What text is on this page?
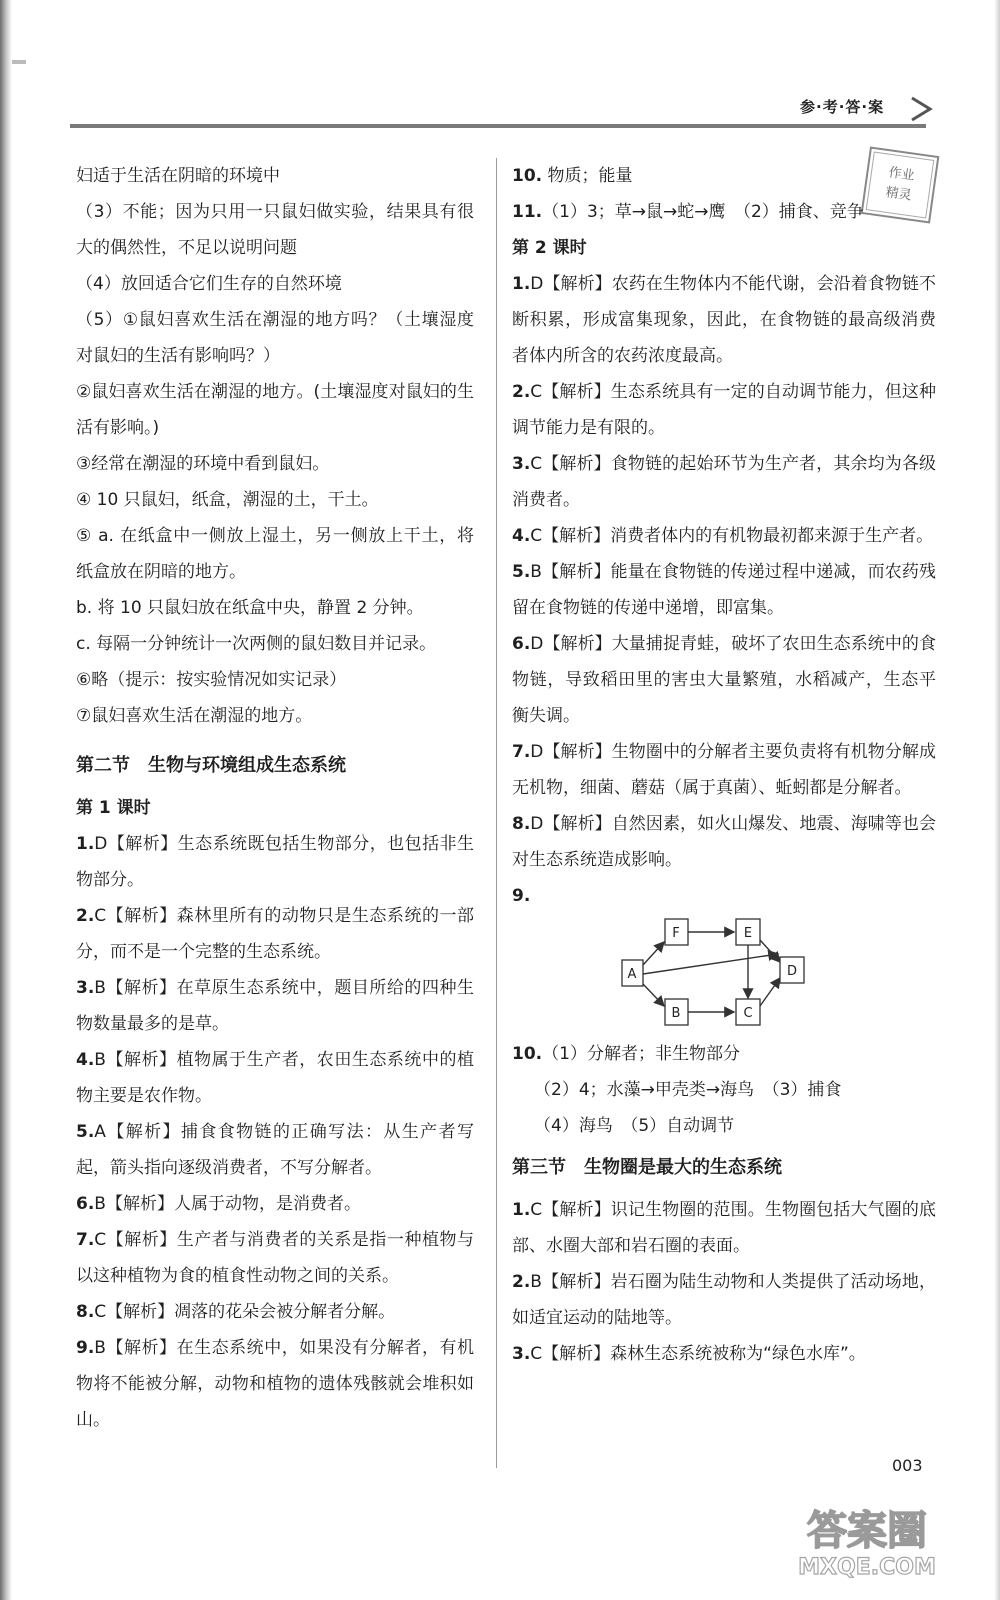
参·考·答·案
作业
精灵

妇适于生活在阴暗的环境中

（3）不能；因为只用一只鼠妇做实验，结果具有很大的偶然性，不足以说明问题

（4）放回适合它们生存的自然环境

（5）①鼠妇喜欢生活在潮湿的地方吗？（土壤湿度对鼠妇的生活有影响吗？）

②鼠妇喜欢生活在潮湿的地方。(土壤湿度对鼠妇的生活有影响。)

③经常在潮湿的环境中看到鼠妇。

④ 10 只鼠妇，纸盒，潮湿的土，干土。

⑤ a. 在纸盒中一侧放上湿土，另一侧放上干土，将纸盒放在阴暗的地方。

b. 将 10 只鼠妇放在纸盒中央，静置 2 分钟。

c. 每隔一分钟统计一次两侧的鼠妇数目并记录。

⑥略（提示：按实验情况如实记录）

⑦鼠妇喜欢生活在潮湿的地方。

第二节　生物与环境组成生态系统

第 1 课时

1.D【解析】生态系统既包括生物部分，也包括非生物部分。

2.C【解析】森林里所有的动物只是生态系统的一部分，而不是一个完整的生态系统。

3.B【解析】在草原生态系统中，题目所给的四种生物数量最多的是草。

4.B【解析】植物属于生产者，农田生态系统中的植物主要是农作物。

5.A【解析】捕食食物链的正确写法：从生产者写起，箭头指向逐级消费者，不写分解者。

6.B【解析】人属于动物，是消费者。

7.C【解析】生产者与消费者的关系是指一种植物与以这种植物为食的植食性动物之间的关系。

8.C【解析】凋落的花朵会被分解者分解。

9.B【解析】在生态系统中，如果没有分解者，有机物将不能被分解，动物和植物的遗体残骸就会堆积如山。

10. 物质；能量

11.（1）3；草→鼠→蛇→鹰　（2）捕食、竞争

第 2 课时

1.D【解析】农药在生物体内不能代谢，会沿着食物链不断积累，形成富集现象，因此，在食物链的最高级消费者体内所含的农药浓度最高。

2.C【解析】生态系统具有一定的自动调节能力，但这种调节能力是有限的。

3.C【解析】食物链的起始环节为生产者，其余均为各级消费者。

4.C【解析】消费者体内的有机物最初都来源于生产者。

5.B【解析】能量在食物链的传递过程中递减，而农药残留在食物链的传递中递增，即富集。

6.D【解析】大量捕捉青蛙，破坏了农田生态系统中的食物链，导致稻田里的害虫大量繁殖，水稻减产，生态平衡失调。

7.D【解析】生物圈中的分解者主要负责将有机物分解成无机物，细菌、蘑菇（属于真菌）、蚯蚓都是分解者。

8.D【解析】自然因素，如火山爆发、地震、海啸等也会对生态系统造成影响。

9.

A
F
B
E
C
D

10.（1）分解者；非生物部分

（2）4；水藻→甲壳类→海鸟　（3）捕食

（4）海鸟　（5）自动调节

第三节　生物圈是最大的生态系统

1.C【解析】识记生物圈的范围。生物圈包括大气圈的底部、水圈大部和岩石圈的表面。

2.B【解析】岩石圈为陆生动物和人类提供了活动场地，如适宜运动的陆地等。

3.C【解析】森林生态系统被称为“绿色水库”。

003
答案圈
MXQE.COM
